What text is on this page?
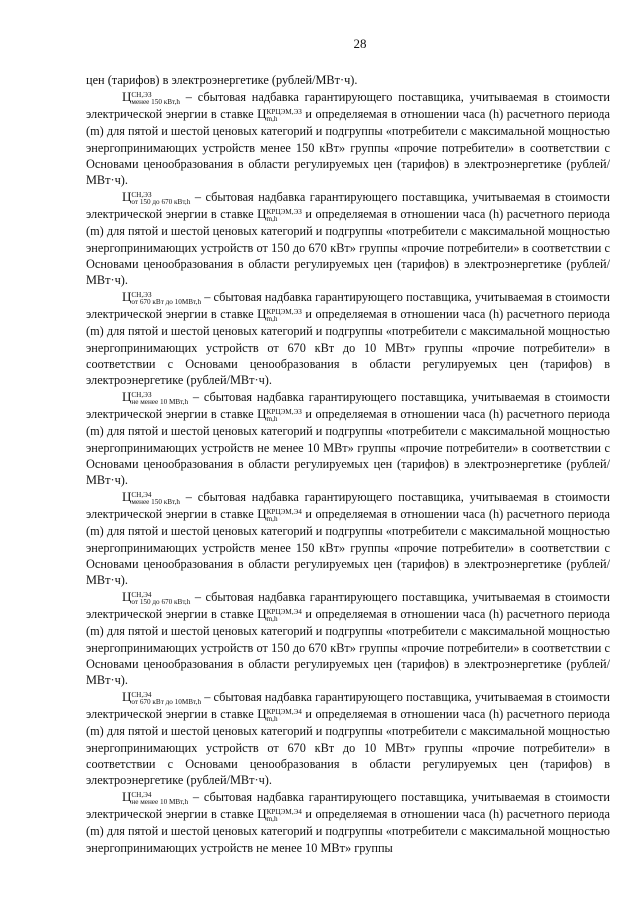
28
цен (тарифов) в электроэнергетике (рублей/МВт·ч).
Ц СН,ЭЗ
менее 150 кВт,h – сбытовая надбавка гарантирующего поставщика, учитываемая в стоимости электрической энергии в ставке Ц КРЦЭМ,ЭЗ
m,h	и определяемая в отношении часа (h) расчетного периода (m) для пятой и шестой ценовых категорий и подгруппы «потребители с максимальной мощностью энергопринимающих устройств менее 150 кВт» группы «прочие потребители» в соответствии с Основами ценообразования в области регулируемых цен (тарифов) в электроэнергетике (рублей/МВт·ч).
Ц СН,ЭЗ
от 150 до 670 кВт,h – сбытовая надбавка гарантирующего поставщика, учитываемая в стоимости электрической энергии в ставке Ц КРЦЭМ,ЭЗ
m,h	и определяемая в отношении часа (h) расчетного периода (m) для пятой и шестой ценовых категорий и подгруппы «потребители с максимальной мощностью энергопринимающих устройств от 150 до 670 кВт» группы «прочие потребители» в соответствии с Основами ценообразования в области регулируемых цен (тарифов) в электроэнергетике (рублей/МВт·ч).
Ц СН,ЭЗ
от 670 кВт до 10МВт,h – сбытовая надбавка гарантирующего поставщика, учитываемая в стоимости электрической энергии в ставке Ц КРЦЭМ,ЭЗ
m,h	и определяемая в отношении часа (h) расчетного периода (m) для пятой и шестой ценовых категорий и подгруппы «потребители с максимальной мощностью энергопринимающих устройств от 670 кВт до 10 МВт» группы «прочие потребители» в соответствии с Основами ценообразования в области регулируемых цен (тарифов) в электроэнергетике (рублей/МВт·ч).
Ц СН,ЭЗ
не менее 10 МВт,h – сбытовая надбавка гарантирующего поставщика, учитываемая в стоимости электрической энергии в ставке Ц КРЦЭМ,ЭЗ
m,h	и определяемая в отношении часа (h) расчетного периода (m) для пятой и шестой ценовых категорий и подгруппы «потребители с максимальной мощностью энергопринимающих устройств не менее 10 МВт» группы «прочие потребители» в соответствии с Основами ценообразования в области регулируемых цен (тарифов) в электроэнергетике (рублей/МВт·ч).
Ц СН,Э4
менее 150 кВт,h – сбытовая надбавка гарантирующего поставщика, учитываемая в стоимости электрической энергии в ставке Ц КРЦЭМ,Э4
m,h	и определяемая в отношении часа (h) расчетного периода (m) для пятой и шестой ценовых категорий и подгруппы «потребители с максимальной мощностью энергопринимающих устройств менее 150 кВт» группы «прочие потребители» в соответствии с Основами ценообразования в области регулируемых цен (тарифов) в электроэнергетике (рублей/МВт·ч).
Ц СН,Э4
от 150 до 670 кВт,h – сбытовая надбавка гарантирующего поставщика, учитываемая в стоимости электрической энергии в ставке Ц КРЦЭМ,Э4
m,h	и определяемая в отношении часа (h) расчетного периода (m) для пятой и шестой ценовых категорий и подгруппы «потребители с максимальной мощностью энергопринимающих устройств от 150 до 670 кВт» группы «прочие потребители» в соответствии с Основами ценообразования в области регулируемых цен (тарифов) в электроэнергетике (рублей/МВт·ч).
Ц СН,Э4
от 670 кВт до 10МВт,h – сбытовая надбавка гарантирующего поставщика, учитываемая в стоимости электрической энергии в ставке Ц КРЦЭМ,Э4
m,h	и определяемая в отношении часа (h) расчетного периода (m) для пятой и шестой ценовых категорий и подгруппы «потребители с максимальной мощностью энергопринимающих устройств от 670 кВт до 10 МВт» группы «прочие потребители» в соответствии с Основами ценообразования в области регулируемых цен (тарифов) в электроэнергетике (рублей/МВт·ч).
Ц СН,Э4
не менее 10 МВт,h – сбытовая надбавка гарантирующего поставщика, учитываемая в стоимости электрической энергии в ставке Ц КРЦЭМ,Э4
m,h	и определяемая в отношении часа (h) расчетного периода (m) для пятой и шестой ценовых категорий и подгруппы «потребители с максимальной мощностью энергопринимающих устройств не менее 10 МВт» группы
